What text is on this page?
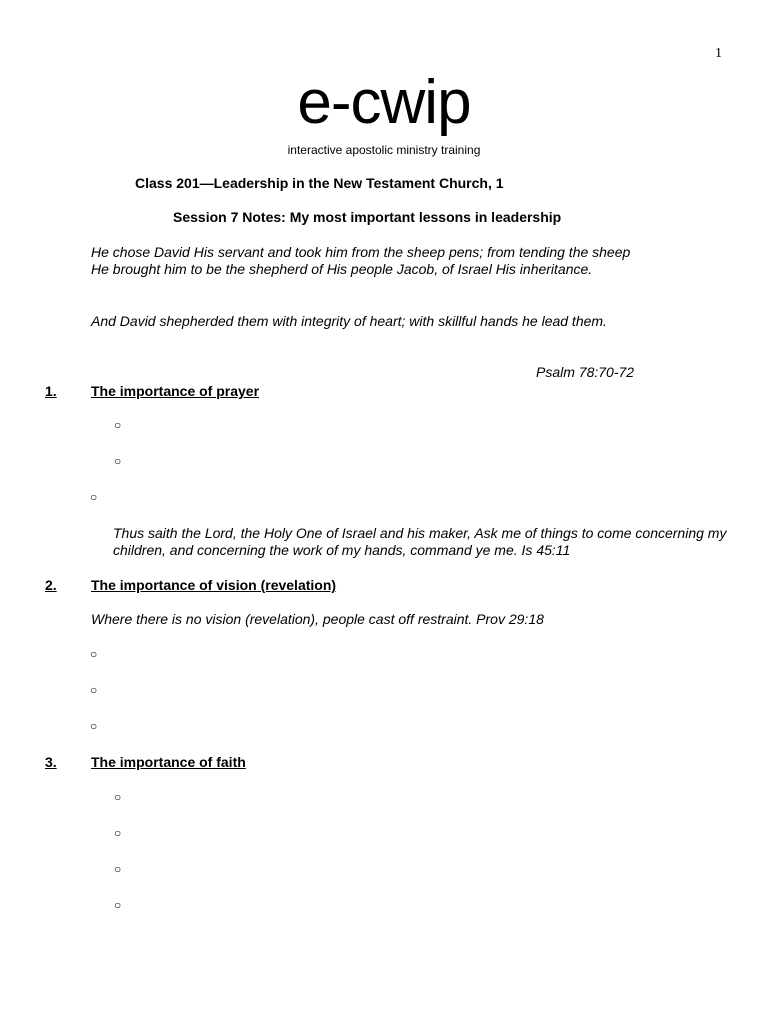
1
e-cwip
interactive apostolic ministry training
Class 201—Leadership in the New Testament Church, 1
Session 7 Notes: My most important lessons in leadership
He chose David His servant and took him from the sheep pens; from tending the sheep He brought him to be the shepherd of His people Jacob, of Israel His inheritance.
And David shepherded them with integrity of heart; with skillful hands he lead them.
Psalm 78:70-72
1. The importance of prayer
○
○
○
Thus saith the Lord, the Holy One of Israel and his maker, Ask me of things to come concerning my children, and concerning the work of my hands, command ye me. Is 45:11
2. The importance of vision (revelation)
Where there is no vision (revelation), people cast off restraint. Prov 29:18
○
○
○
3. The importance of faith
○
○
○
○
